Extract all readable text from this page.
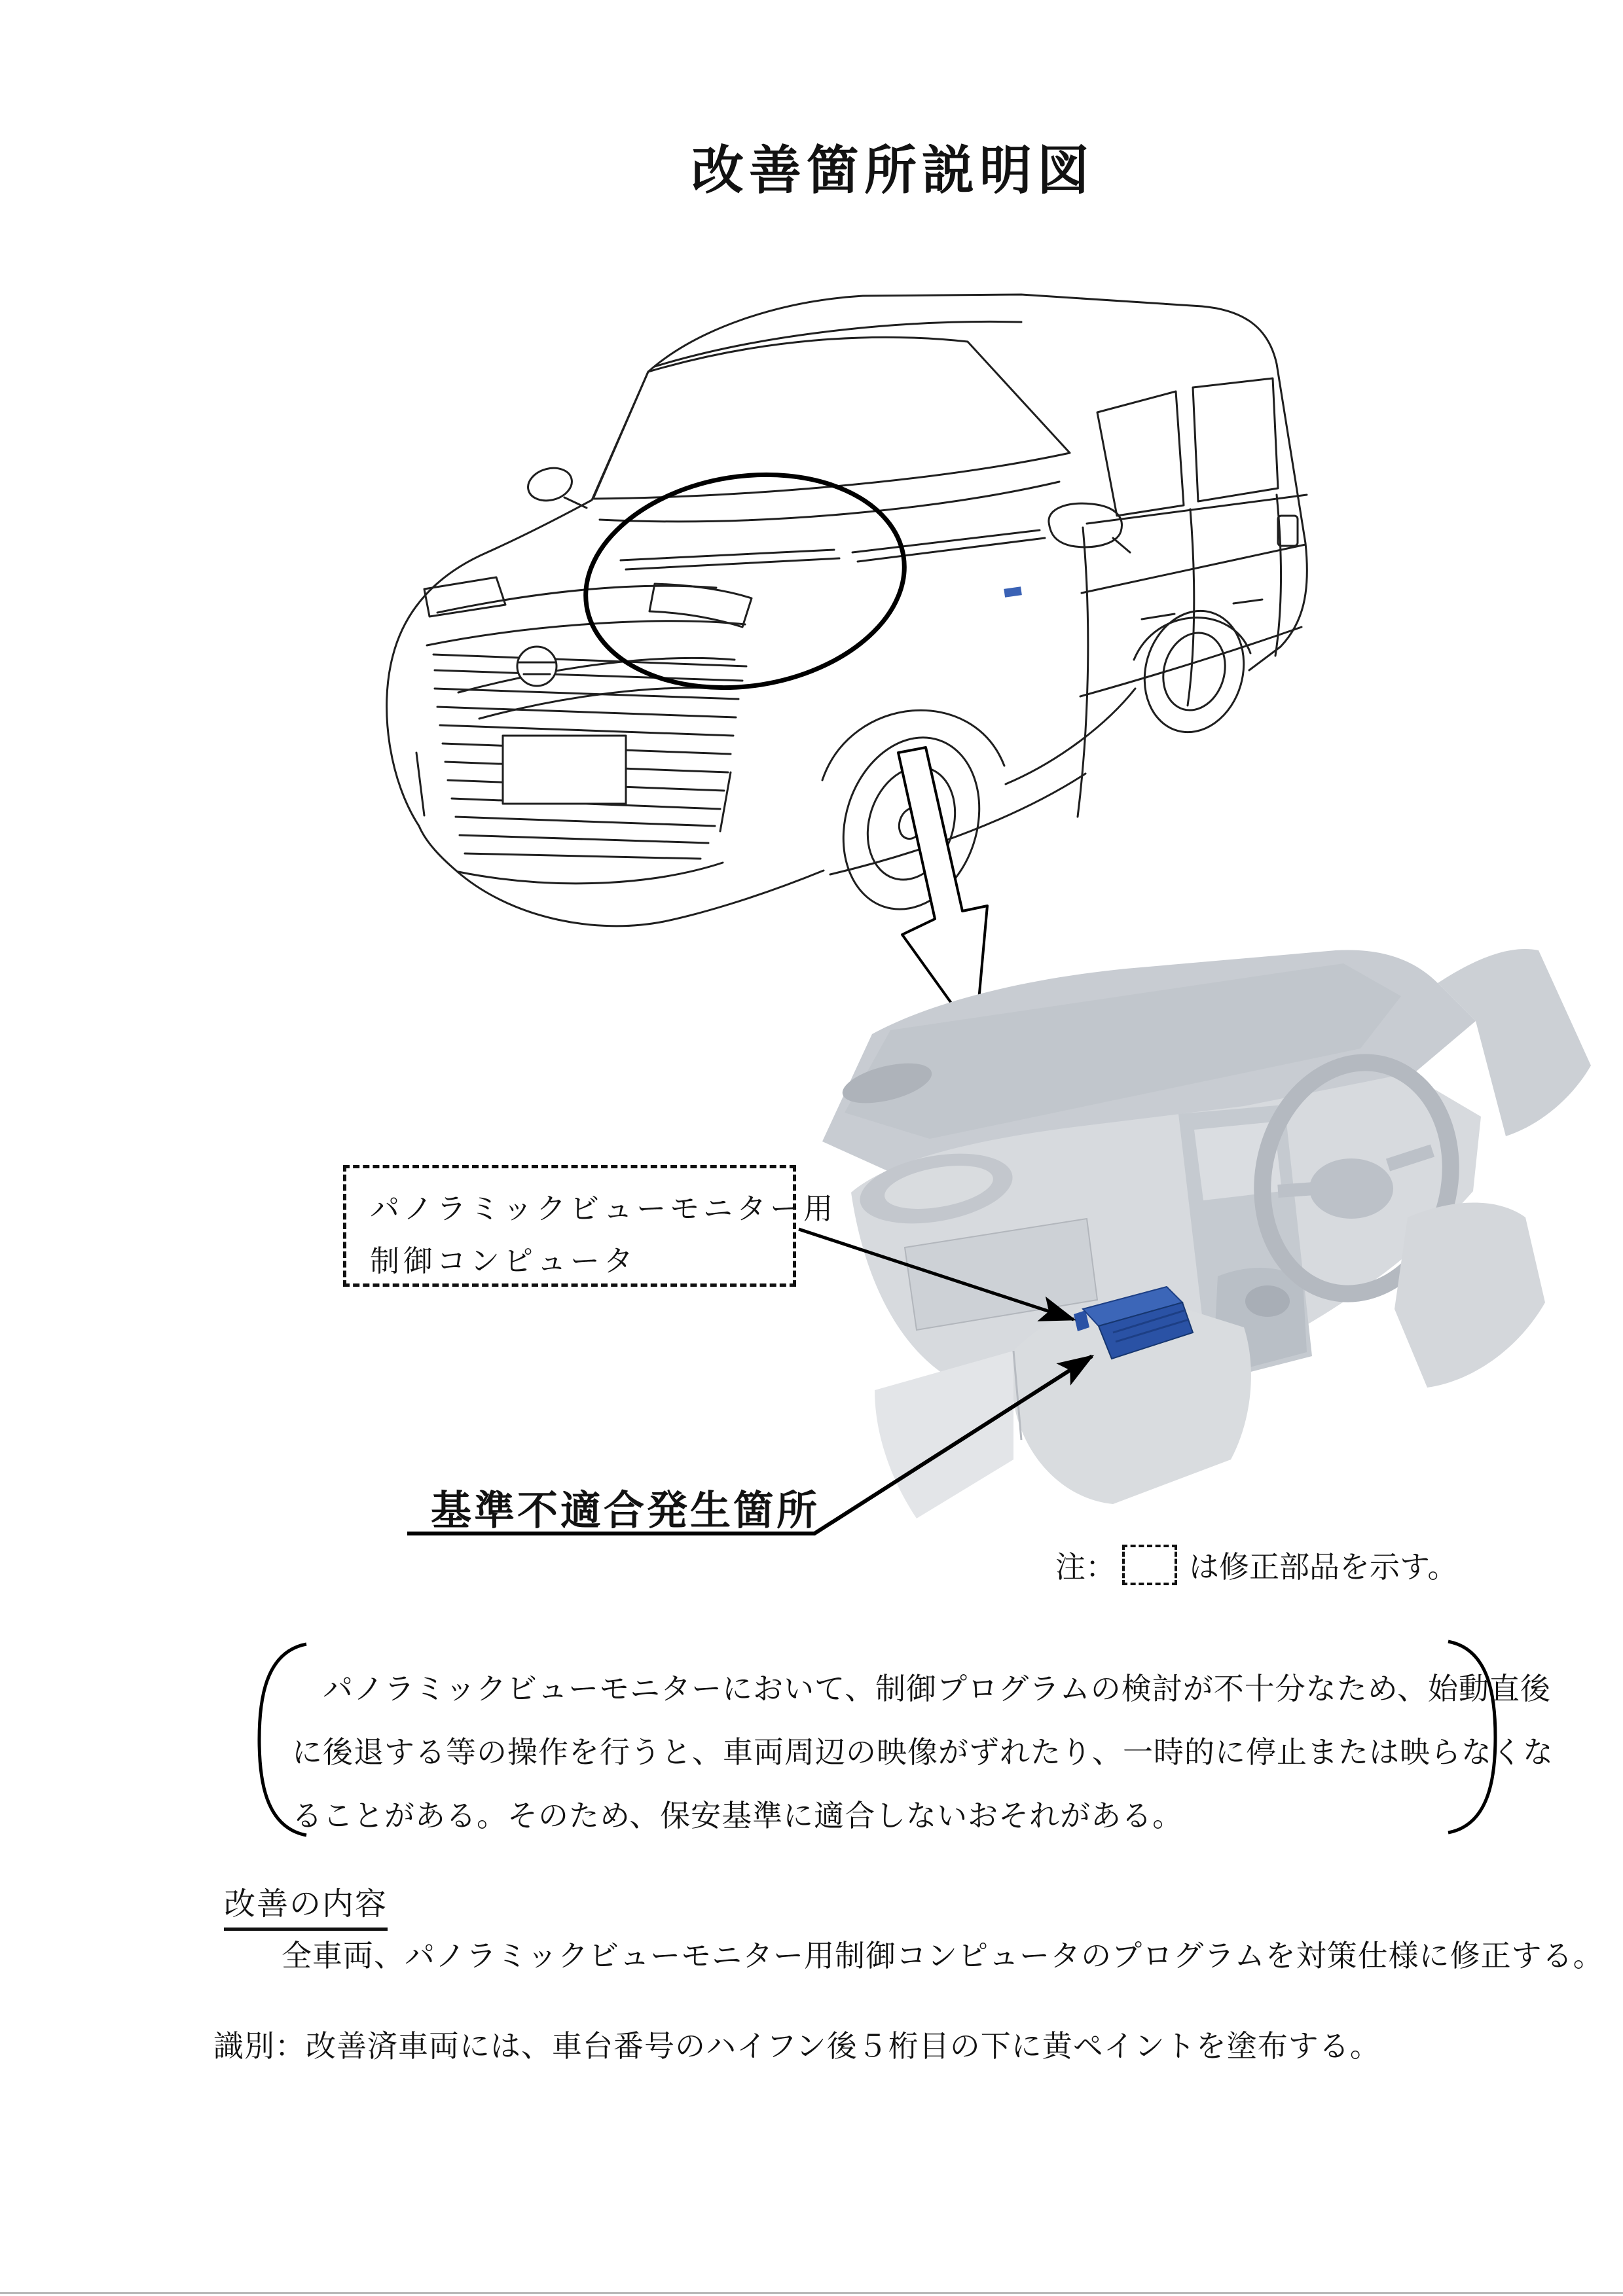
改善箇所説明図
パノラミックビューモニター用
制御コンピュータ
基準不適合発生箇所
注： は修正部品を示す。
　パノラミックビューモニターにおいて、制御プログラムの検討が不十分なため、始動直後
に後退する等の操作を行うと、車両周辺の映像がずれたり、一時的に停止または映らなくな
ることがある。そのため、保安基準に適合しないおそれがある。
改善の内容
全車両、パノラミックビューモニター用制御コンピュータのプログラムを対策仕様に修正する。
識別：改善済車両には、車台番号のハイフン後５桁目の下に黄ペイントを塗布する。
